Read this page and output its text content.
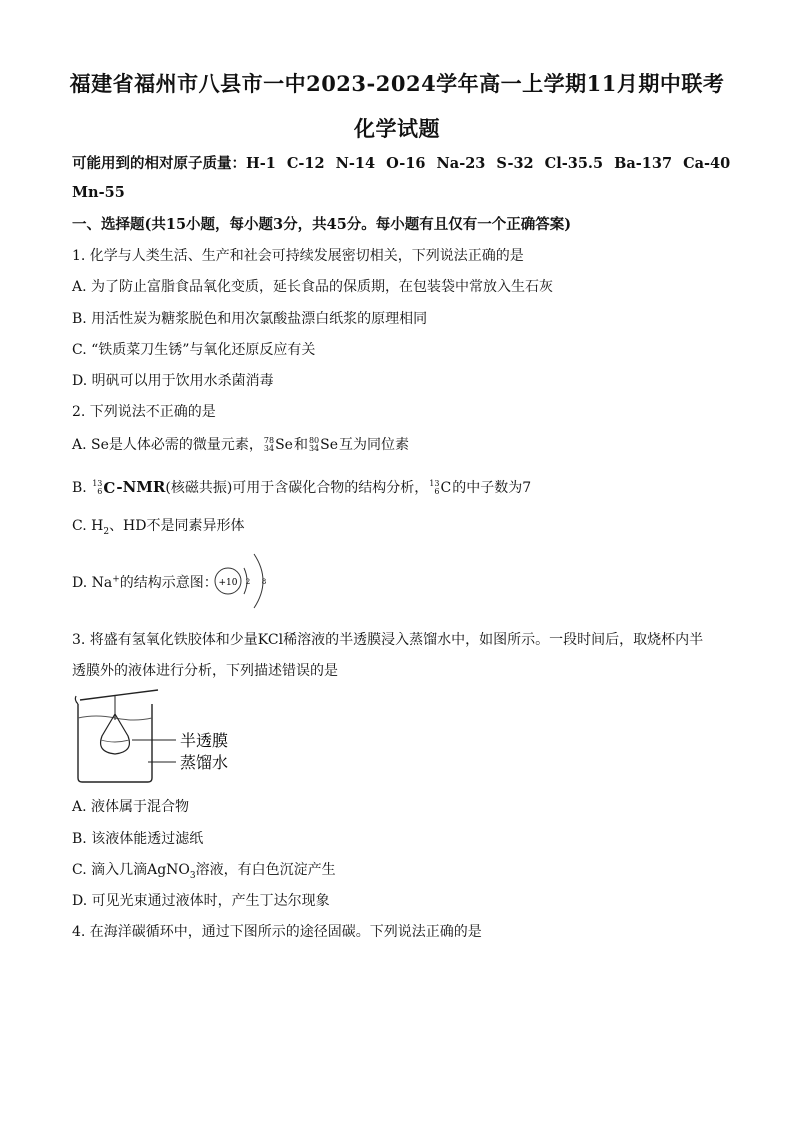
福建省福州市八县市一中2023-2024学年高一上学期11月期中联考
化学试题
可能用到的相对原子质量：H-1 C-12 N-14 O-16 Na-23 S-32 Cl-35.5 Ba-137 Ca-40
Mn-55
一、选择题(共15小题，每小题3分，共45分。每小题有且仅有一个正确答案)
1. 化学与人类生活、生产和社会可持续发展密切相关，下列说法正确的是
A. 为了防止富脂食品氧化变质，延长食品的保质期，在包装袋中常放入生石灰
B. 用活性炭为糖浆脱色和用次氯酸盐漂白纸浆的原理相同
C. “铁质菜刀生锈”与氧化还原反应有关
D. 明矾可以用于饮用水杀菌消毒
2. 下列说法不正确的是
A. Se是人体必需的微量元素， 78
34 Se和 80
34 Se互为同位素
B. 13
6 C-NMR(核磁共振)可用于含碳化合物的结构分析， 13
6 C的中子数为7
C. $H_2$、HD不是同素异形体
D. Na+的结构示意图： +10 2 8
3. 将盛有氢氧化铁胶体和少量KCl稀溶液的半透膜浸入蒸馏水中，如图所示。一段时间后，取烧杯内半
透膜外的液体进行分析，下列描述错误的是
半透膜
蒸馏水
A. 液体属于混合物
B. 该液体能透过滤纸
C. 滴入几滴AgNO$_3$溶液，有白色沉淀产生
D. 可见光束通过液体时，产生丁达尔现象
4. 在海洋碳循环中，通过下图所示的途径固碳。下列说法正确的是
